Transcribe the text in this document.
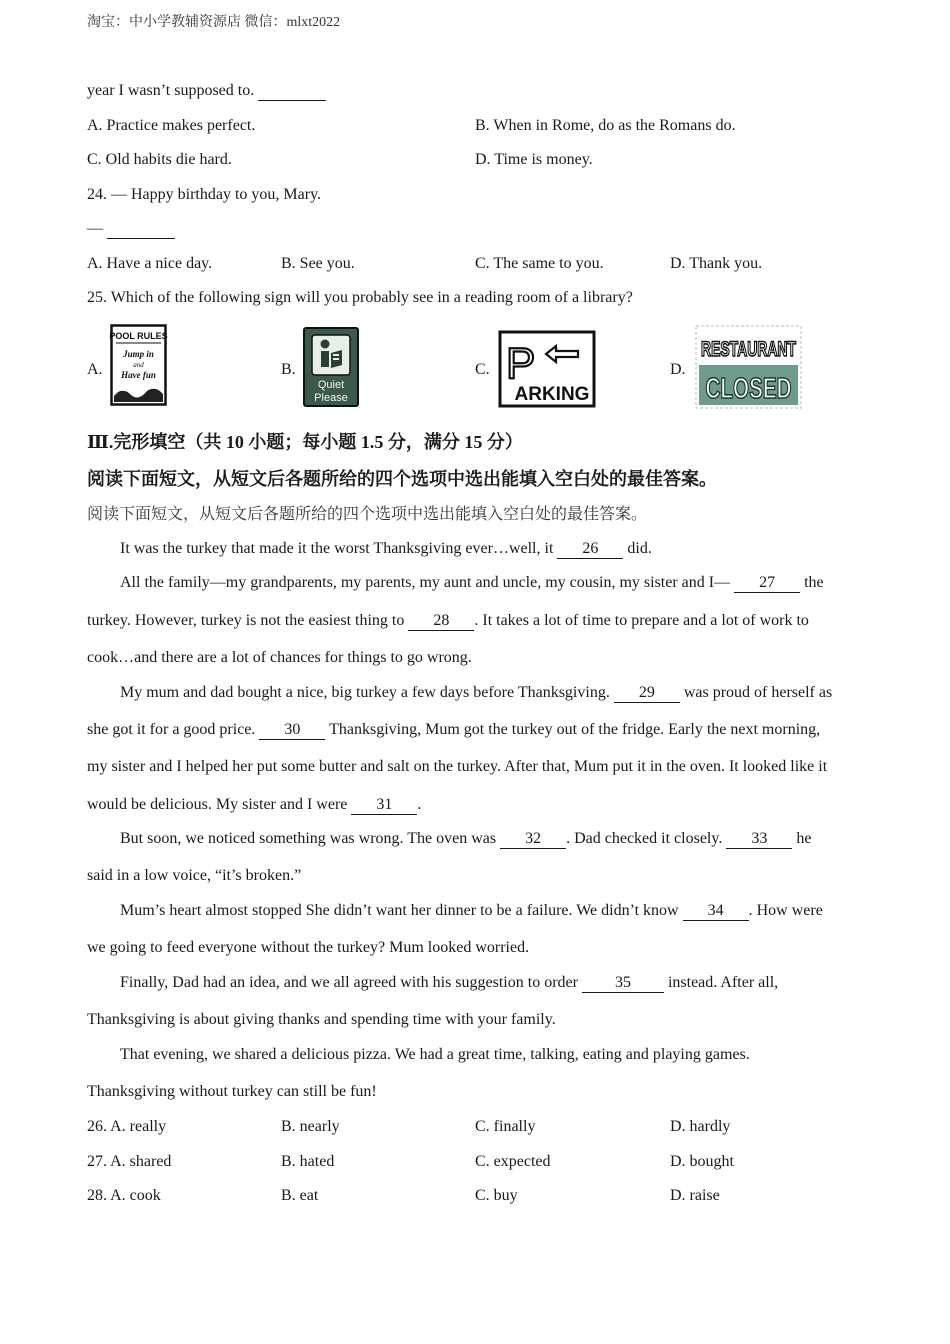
淘宝：中小学教辅资源店 微信：mlxt2022
year I wasn’t supposed to.
A. Practice makes perfect.	B. When in Rome, do as the Romans do.
C. Old habits die hard.	D. Time is money.
24. — Happy birthday to you, Mary.
—
A. Have a nice day.	B. See you.	C. The same to you.	D. Thank you.
25. Which of the following sign will you probably see in a reading room of a library?
A.	B.	C.	D.
POOL RULES
Jump in
and
Have fun
Quiet
Please
P
ARKING
RESTAURANT
CLOSED
Ⅲ.完形填空（共 10 小题；每小题 1.5 分，满分 15 分）
阅读下面短文，从短文后各题所给的四个选项中选出能填入空白处的最佳答案。
阅读下面短文，从短文后各题所给的四个选项中选出能填入空白处的最佳答案。
It was the turkey that made it the worst Thanksgiving ever…well, it 26 did.
All the family—my grandparents, my parents, my aunt and uncle, my cousin, my sister and I— 27 the
turkey. However, turkey is not the easiest thing to 28 . It takes a lot of time to prepare and a lot of work to
cook…and there are a lot of chances for things to go wrong.
My mum and dad bought a nice, big turkey a few days before Thanksgiving. 29 was proud of herself as
she got it for a good price. 30 Thanksgiving, Mum got the turkey out of the fridge. Early the next morning,
my sister and I helped her put some butter and salt on the turkey. After that, Mum put it in the oven. It looked like it
would be delicious. My sister and I were 31 .
But soon, we noticed something was wrong. The oven was 32 . Dad checked it closely. 33 he
said in a low voice, “it’s broken.”
Mum’s heart almost stopped She didn’t want her dinner to be a failure. We didn’t know 34 . How were
we going to feed everyone without the turkey? Mum looked worried.
Finally, Dad had an idea, and we all agreed with his suggestion to order 35 instead. After all,
Thanksgiving is about giving thanks and spending time with your family.
That evening, we shared a delicious pizza. We had a great time, talking, eating and playing games.
Thanksgiving without turkey can still be fun!
26. A. really	B. nearly	C. finally	D. hardly
27. A. shared	B. hated	C. expected	D. bought
28. A. cook	B. eat	C. buy	D. raise
